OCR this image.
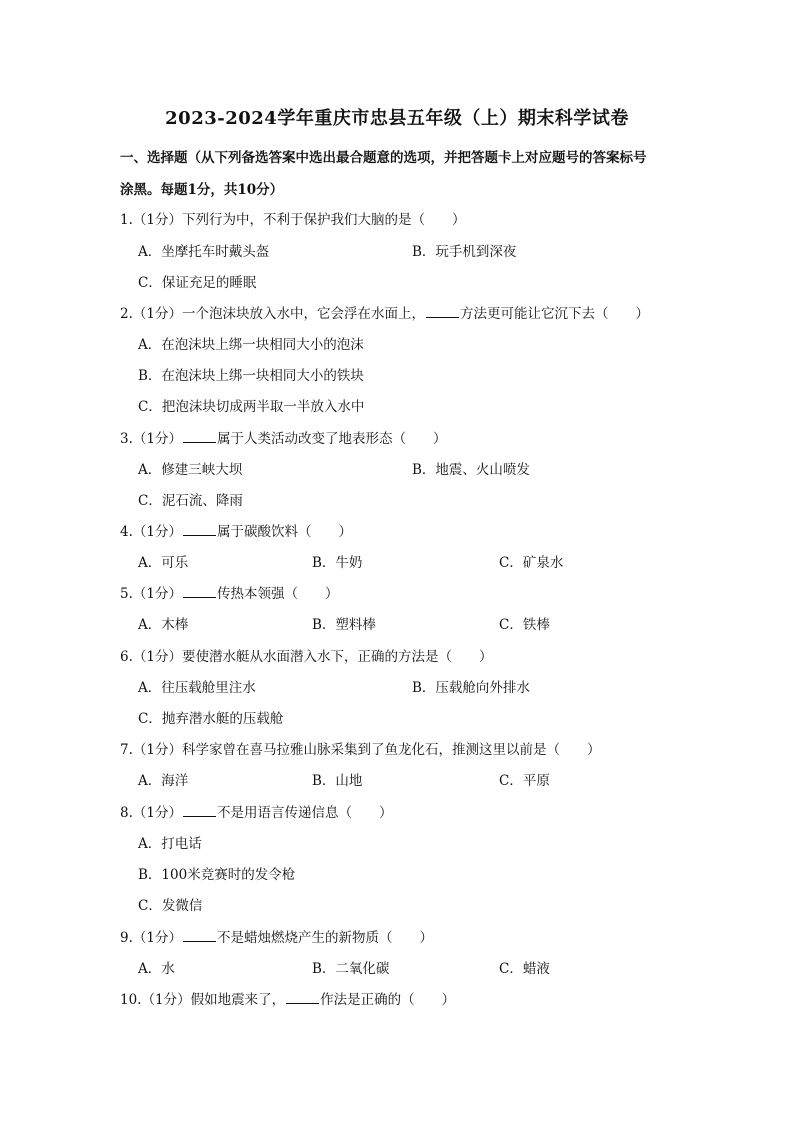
2023-2024学年重庆市忠县五年级（上）期末科学试卷
一、选择题（从下列备选答案中选出最合题意的选项，并把答题卡上对应题号的答案标号
涂黑。每题1分，共10分）
1.（1分）下列行为中，不利于保护我们大脑的是（　　）
A．坐摩托车时戴头盔	B．玩手机到深夜
C．保证充足的睡眠
2.（1分）一个泡沫块放入水中，它会浮在水面上，	方法更可能让它沉下去（　　）
A．在泡沫块上绑一块相同大小的泡沫
B．在泡沫块上绑一块相同大小的铁块
C．把泡沫块切成两半取一半放入水中
3.（1分）	属于人类活动改变了地表形态（　　）
A．修建三峡大坝	B．地震、火山喷发
C．泥石流、降雨
4.（1分）	属于碳酸饮料（　　）
A．可乐	B．牛奶	C．矿泉水
5.（1分）	传热本领强（　　）
A．木棒	B．塑料棒	C．铁棒
6.（1分）要使潜水艇从水面潜入水下，正确的方法是（　　）
A．往压载舱里注水	B．压载舱向外排水
C．抛弃潜水艇的压载舱
7.（1分）科学家曾在喜马拉雅山脉采集到了鱼龙化石，推测这里以前是（　　）
A．海洋	B．山地	C．平原
8.（1分）	不是用语言传递信息（　　）
A．打电话
B．100米竞赛时的发令枪
C．发微信
9.（1分）	不是蜡烛燃烧产生的新物质（　　）
A．水	B．二氧化碳	C．蜡液
10.（1分）假如地震来了，	作法是正确的（　　）
